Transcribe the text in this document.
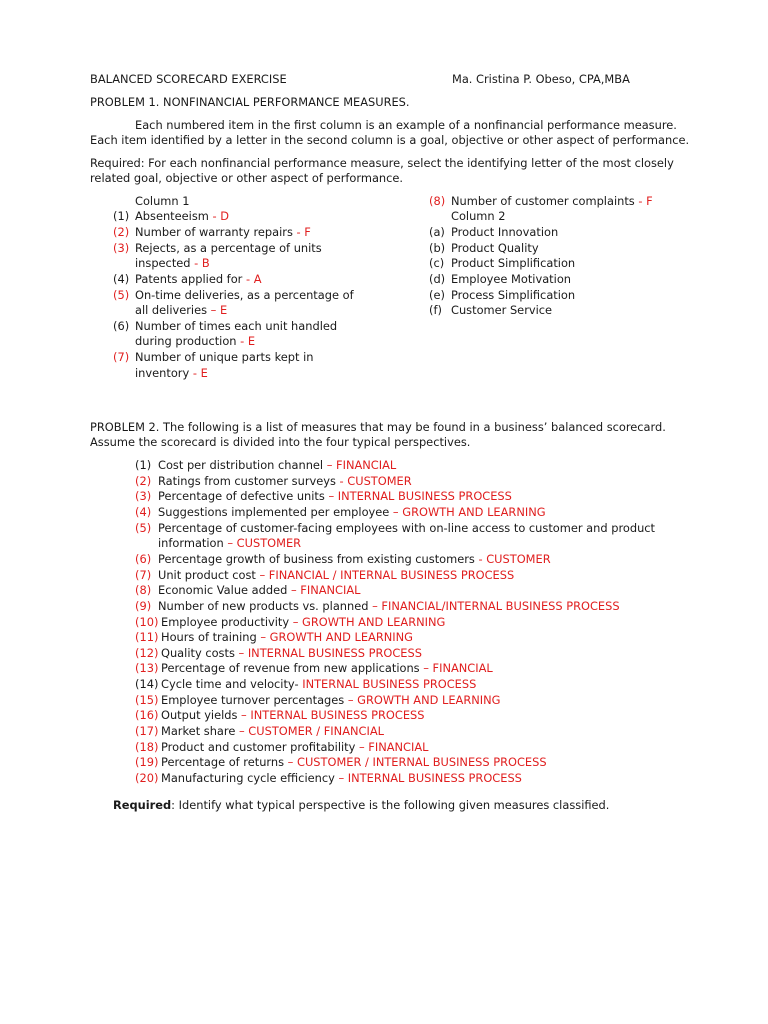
BALANCED SCORECARD EXERCISE	Ma. Cristina P. Obeso, CPA,MBA
PROBLEM 1. NONFINANCIAL PERFORMANCE MEASURES.
Each numbered item in the first column is an example of a nonfinancial performance measure.
Each item identified by a letter in the second column is a goal, objective or other aspect of performance.
Required: For each nonfinancial performance measure, select the identifying letter of the most closely
related goal, objective or other aspect of performance.
Column 1
(1) Absenteeism - D
(2) Number of warranty repairs - F
(3) Rejects, as a percentage of units
inspected - B
(4) Patents applied for - A
(5) On-time deliveries, as a percentage of
all deliveries – E
(6) Number of times each unit handled
during production - E
(7) Number of unique parts kept in
inventory - E
(8) Number of customer complaints - F
Column 2
(a) Product Innovation
(b) Product Quality
(c) Product Simplification
(d) Employee Motivation
(e) Process Simplification
(f) Customer Service
PROBLEM 2. The following is a list of measures that may be found in a business’ balanced scorecard.
Assume the scorecard is divided into the four typical perspectives.
(1) Cost per distribution channel – FINANCIAL
(2) Ratings from customer surveys - CUSTOMER
(3) Percentage of defective units – INTERNAL BUSINESS PROCESS
(4) Suggestions implemented per employee – GROWTH AND LEARNING
(5) Percentage of customer-facing employees with on-line access to customer and product
information – CUSTOMER
(6) Percentage growth of business from existing customers - CUSTOMER
(7) Unit product cost – FINANCIAL / INTERNAL BUSINESS PROCESS
(8) Economic Value added – FINANCIAL
(9) Number of new products vs. planned – FINANCIAL/INTERNAL BUSINESS PROCESS
(10) Employee productivity – GROWTH AND LEARNING
(11) Hours of training – GROWTH AND LEARNING
(12) Quality costs – INTERNAL BUSINESS PROCESS
(13) Percentage of revenue from new applications – FINANCIAL
(14) Cycle time and velocity- INTERNAL BUSINESS PROCESS
(15) Employee turnover percentages – GROWTH AND LEARNING
(16) Output yields – INTERNAL BUSINESS PROCESS
(17) Market share – CUSTOMER / FINANCIAL
(18) Product and customer profitability – FINANCIAL
(19) Percentage of returns – CUSTOMER / INTERNAL BUSINESS PROCESS
(20) Manufacturing cycle efficiency – INTERNAL BUSINESS PROCESS
Required: Identify what typical perspective is the following given measures classified.
